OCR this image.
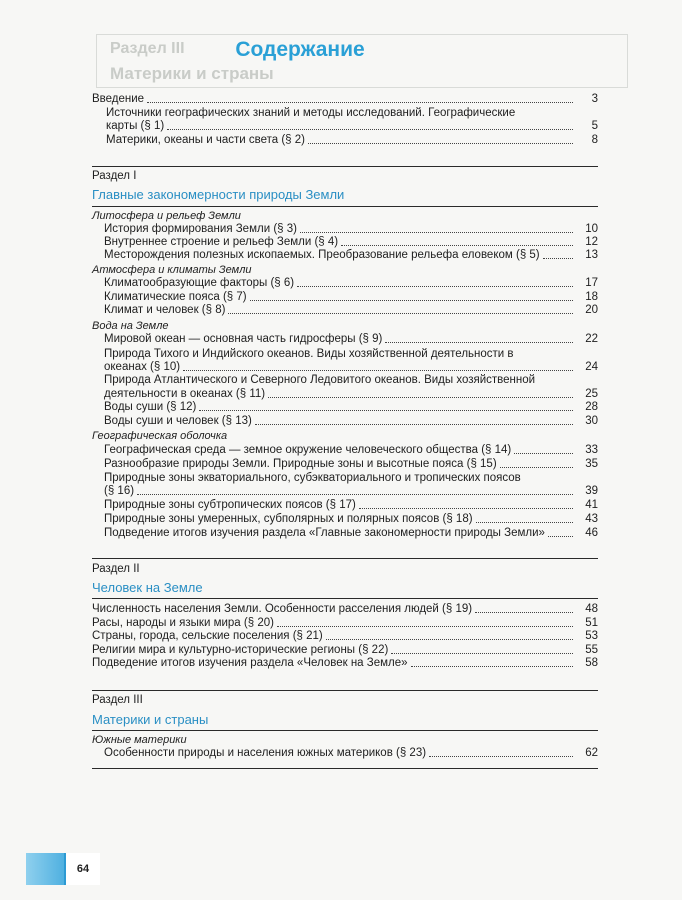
Раздел III
Материки и страны
Содержание
Введение	3
Источники географических знаний и методы исследований. Географические
карты (§ 1)	5
Материки, океаны и части света (§ 2)	8
Раздел I
Главные закономерности природы Земли
Литосфера и рельеф Земли
История формирования Земли (§ 3)	10
Внутреннее строение и рельеф Земли (§ 4)	12
Месторождения полезных ископаемых. Преобразование рельефа еловеком (§ 5)	13
Атмосфера и климаты Земли
Климатообразующие факторы (§ 6)	17
Климатические пояса (§ 7)	18
Климат и человек (§ 8)	20
Вода на Земле
Мировой океан — основная часть гидросферы (§ 9)	22
Природа Тихого и Индийского океанов. Виды хозяйственной деятельности в
океанах (§ 10)	24
Природа Атлантического и Северного Ледовитого океанов. Виды хозяйственной
деятельности в океанах (§ 11)	25
Воды суши (§ 12)	28
Воды суши и человек (§ 13)	30
Географическая оболочка
Географическая среда — земное окружение человеческого общества (§ 14)	33
Разнообразие природы Земли. Природные зоны и высотные пояса (§ 15)	35
Природные зоны экваториального, субэкваториального и тропических поясов
(§ 16)	39
Природные зоны субтропических поясов (§ 17)	41
Природные зоны умеренных, субполярных и полярных поясов (§ 18)	43
Подведение итогов изучения раздела «Главные закономерности природы Земли»	46
Раздел II
Человек на Земле
Численность населения Земли. Особенности расселения людей (§ 19)	48
Расы, народы и языки мира (§ 20)	51
Страны, города, сельские поселения (§ 21)	53
Религии мира и культурно-исторические регионы (§ 22)	55
Подведение итогов изучения раздела «Человек на Земле»	58
Раздел III
Материки и страны
Южные материки
Особенности природы и населения южных материков (§ 23)	62
64
